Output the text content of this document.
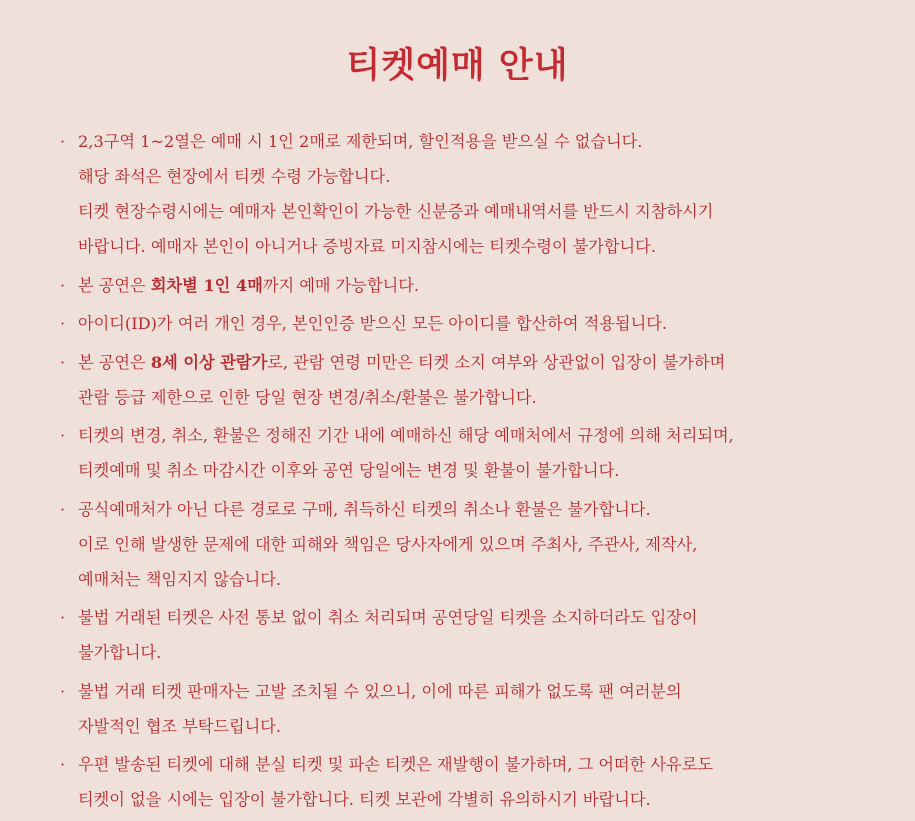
티켓예매 안내
· 2,3구역 1~2열은 예매 시 1인 2매로 제한되며, 할인적용을 받으실 수 없습니다.
해당 좌석은 현장에서 티켓 수령 가능합니다.
티켓 현장수령시에는 예매자 본인확인이 가능한 신분증과 예매내역서를 반드시 지참하시기
바랍니다. 예매자 본인이 아니거나 증빙자료 미지참시에는 티켓수령이 불가합니다.
· 본 공연은 회차별 1인 4매까지 예매 가능합니다.
· 아이디(ID)가 여러 개인 경우, 본인인증 받으신 모든 아이디를 합산하여 적용됩니다.
· 본 공연은 8세 이상 관람가로, 관람 연령 미만은 티켓 소지 여부와 상관없이 입장이 불가하며
관람 등급 제한으로 인한 당일 현장 변경/취소/환불은 불가합니다.
· 티켓의 변경, 취소, 환불은 정해진 기간 내에 예매하신 해당 예매처에서 규정에 의해 처리되며,
티켓예매 및 취소 마감시간 이후와 공연 당일에는 변경 및 환불이 불가합니다.
· 공식예매처가 아닌 다른 경로로 구매, 취득하신 티켓의 취소나 환불은 불가합니다.
이로 인해 발생한 문제에 대한 피해와 책임은 당사자에게 있으며 주최사, 주관사, 제작사,
예매처는 책임지지 않습니다.
· 불법 거래된 티켓은 사전 통보 없이 취소 처리되며 공연당일 티켓을 소지하더라도 입장이
불가합니다.
· 불법 거래 티켓 판매자는 고발 조치될 수 있으니, 이에 따른 피해가 없도록 팬 여러분의
자발적인 협조 부탁드립니다.
· 우편 발송된 티켓에 대해 분실 티켓 및 파손 티켓은 재발행이 불가하며, 그 어떠한 사유로도
티켓이 없을 시에는 입장이 불가합니다. 티켓 보관에 각별히 유의하시기 바랍니다.
